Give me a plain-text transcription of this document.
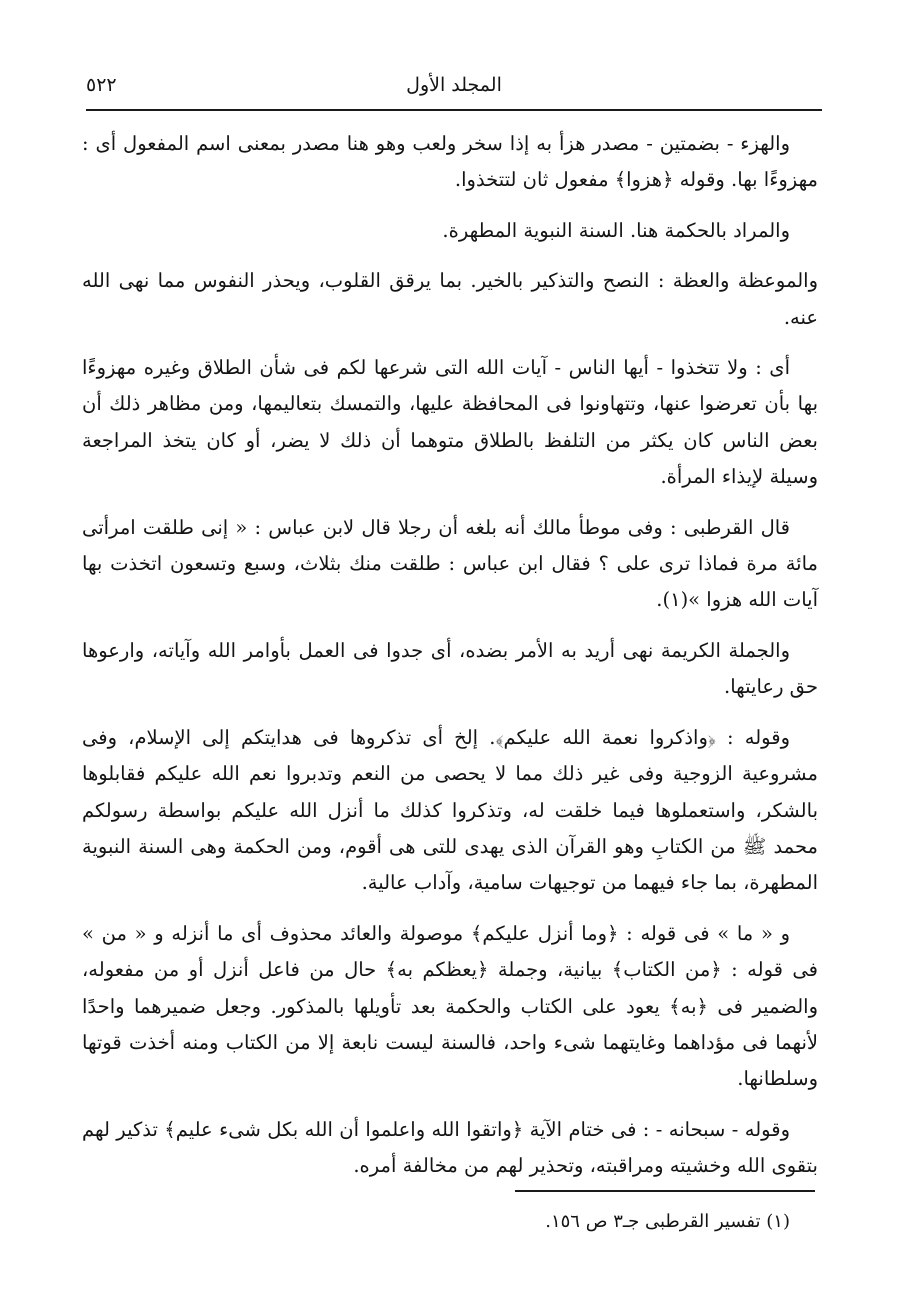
٥٢٢	المجلد الأول

والهزء - بضمتين - مصدر هزأ به إذا سخر ولعب وهو هنا مصدر بمعنى اسم المفعول أى : مهزوءًا بها. وقوله ﴿هزوا﴾ مفعول ثان لتتخذوا.

والمراد بالحكمة هنا. السنة النبوية المطهرة.

والموعظة والعظة : النصح والتذكير بالخير. بما يرقق القلوب، ويحذر النفوس مما نهى الله عنه.

أى : ولا تتخذوا - أيها الناس - آيات الله التى شرعها لكم فى شأن الطلاق وغيره مهزوءًا بها بأن تعرضوا عنها، وتتهاونوا فى المحافظة عليها، والتمسك بتعاليمها، ومن مظاهر ذلك أن بعض الناس كان يكثر من التلفظ بالطلاق متوهما أن ذلك لا يضر، أو كان يتخذ المراجعة وسيلة لإيذاء المرأة.

قال القرطبى : وفى موطأ مالك أنه بلغه أن رجلا قال لابن عباس : « إنى طلقت امرأتى مائة مرة فماذا ترى على ؟ فقال ابن عباس : طلقت منك بثلاث، وسبع وتسعون اتخذت بها آيات الله هزوا »(١).

والجملة الكريمة نهى أريد به الأمر بضده، أى جدوا فى العمل بأوامر الله وآياته، وارعوها حق رعايتها.

وقوله : ﴿واذكروا نعمة الله عليكم﴾. إلخ أى تذكروها فى هدايتكم إلى الإسلام، وفى مشروعية الزوجية وفى غير ذلك مما لا يحصى من النعم وتدبروا نعم الله عليكم فقابلوها بالشكر، واستعملوها فيما خلقت له، وتذكروا كذلك ما أنزل الله عليكم بواسطة رسولكم محمد ﷺ من الكتابِ وهو القرآن الذى يهدى للتى هى أقوم، ومن الحكمة وهى السنة النبوية المطهرة، بما جاء فيهما من توجيهات سامية، وآداب عالية.

و « ما » فى قوله : ﴿وما أنزل عليكم﴾ موصولة والعائد محذوف أى ما أنزله و « من » فى قوله : ﴿من الكتاب﴾ بيانية، وجملة ﴿يعظكم به﴾ حال من فاعل أنزل أو من مفعوله، والضمير فى ﴿به﴾ يعود على الكتاب والحكمة بعد تأويلها بالمذكور. وجعل ضميرهما واحدًا لأنهما فى مؤداهما وغايتهما شىء واحد، فالسنة ليست نابعة إلا من الكتاب ومنه أخذت قوتها وسلطانها.

وقوله - سبحانه - : فى ختام الآية ﴿واتقوا الله واعلموا أن الله بكل شىء عليم﴾ تذكير لهم بتقوى الله وخشيته ومراقبته، وتحذير لهم من مخالفة أمره.

(١) تفسير القرطبى جـ٣ ص ١٥٦.
